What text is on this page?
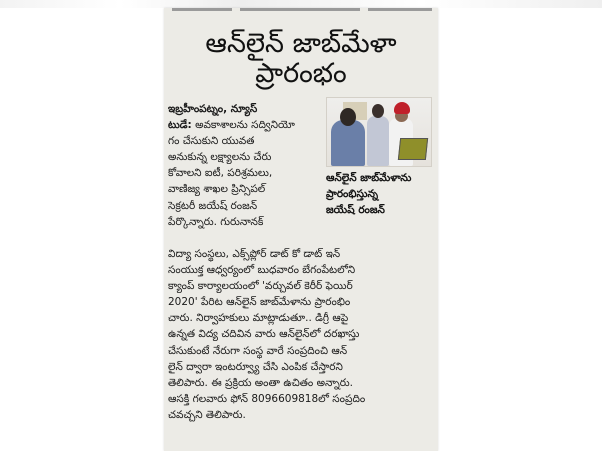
ఆన్‌లైన్ జాబ్‌మేళా
ప్రారంభం
ఆన్‌లైన్ జాబ్‌మేళాను
ప్రారంభిస్తున్న
జయేష్ రంజన్
ఇబ్రహీంపట్నం, న్యూస్
టుడే: అవకాశాలను సద్వినియో
గం చేసుకుని యువత
అనుకున్న లక్ష్యాలను చేరు
కోవాలని ఐటీ, పరిశ్రమలు,
వాణిజ్య శాఖల ప్రిన్సిపల్
సెక్రటరీ జయేష్ రంజన్
పేర్కొన్నారు. గురునానక్
విద్యా సంస్థలు, ఎక్స్‌ప్లోర్ డాట్ కో డాట్ ఇన్
సంయుక్త ఆధ్వర్యంలో బుధవారం బేగంపేటలోని
క్యాంప్ కార్యాలయంలో 'వర్చువల్ కెరీర్ ఫెయిర్
2020' పేరిట ఆన్‌లైన్ జాబ్‌మేళాను ప్రారంభిం
చారు. నిర్వాహకులు మాట్లాడుతూ.. డిగ్రీ ఆపై
ఉన్నత విద్య చదివిన వారు ఆన్‌లైన్‌లో దరఖాస్తు
చేసుకుంటే నేరుగా సంస్థ వారే సంప్రదించి ఆన్
లైన్ ద్వారా ఇంటర్వ్యూ చేసి ఎంపిక చేస్తారని
తెలిపారు. ఈ ప్రక్రియ అంతా ఉచితం అన్నారు.
ఆసక్తి గలవారు ఫోన్ 8096609818లో సంప్రదిం
చవచ్చని తెలిపారు.
